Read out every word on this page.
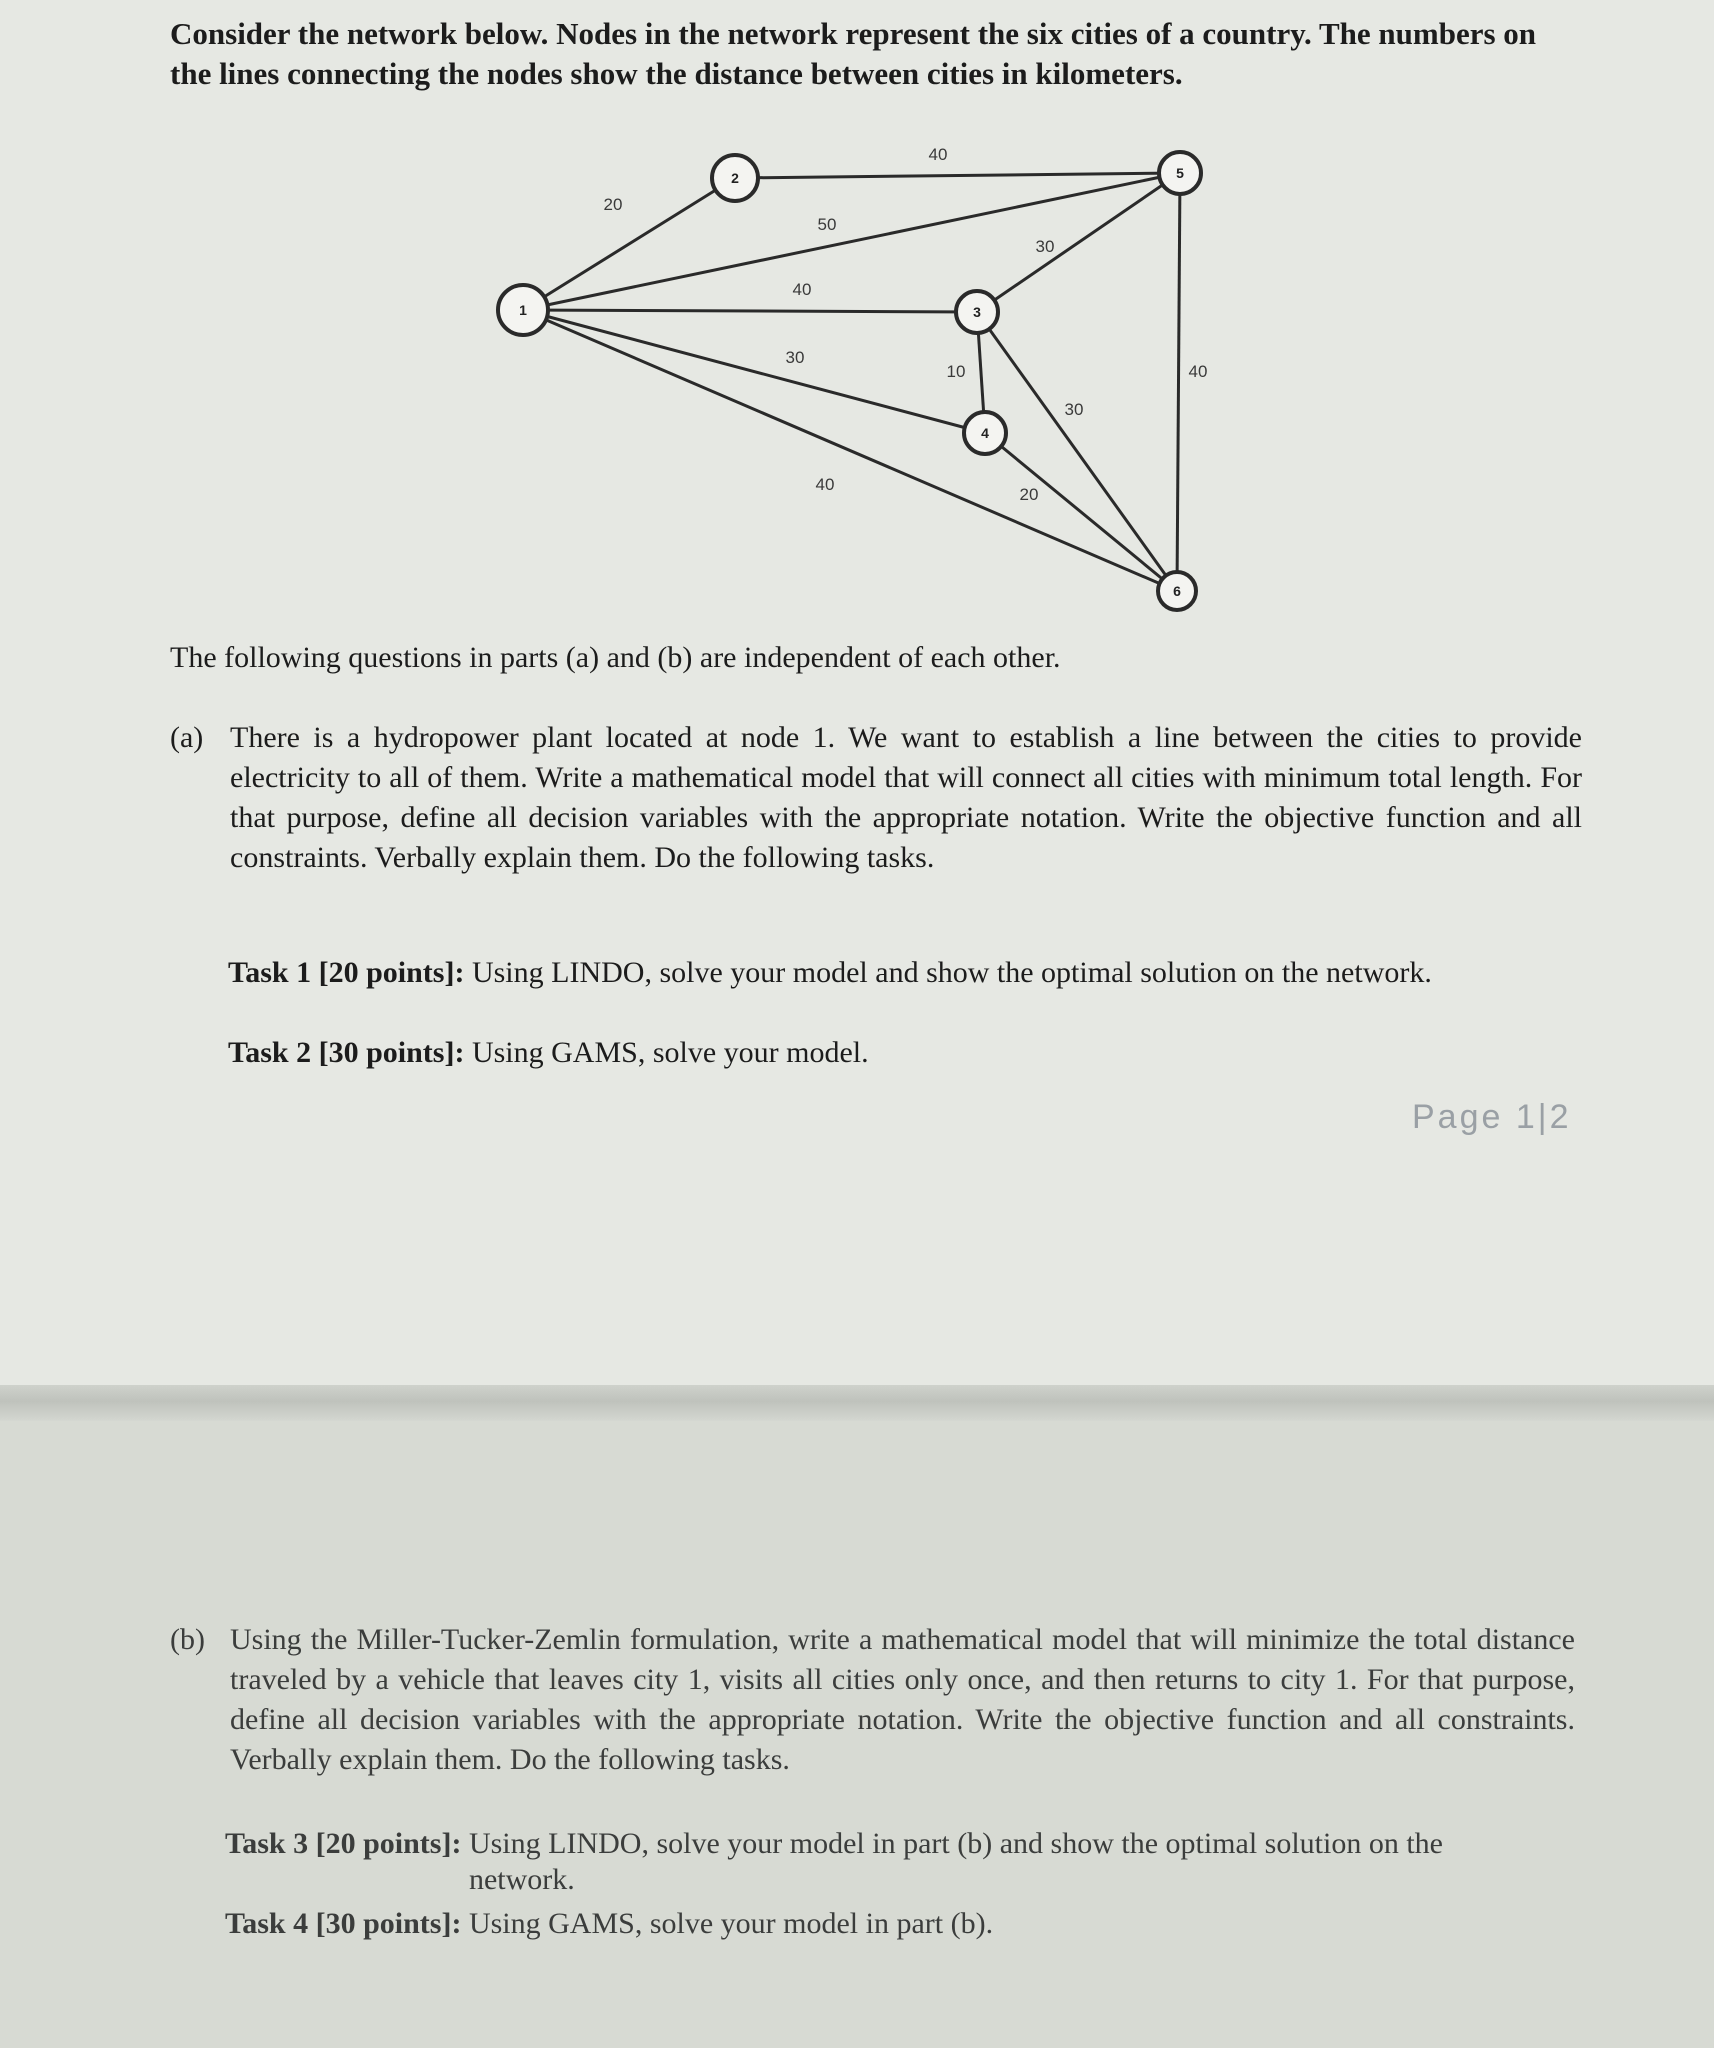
Consider the network below. Nodes in the network represent the six cities of a country. The numbers on the lines connecting the nodes show the distance between cities in kilometers.

20
40
50
40
30
40
30
10
30
20
40
1
2
3
4
5
6

The following questions in parts (a) and (b) are independent of each other.

(a) There is a hydropower plant located at node 1. We want to establish a line between the cities to provide electricity to all of them. Write a mathematical model that will connect all cities with minimum total length. For that purpose, define all decision variables with the appropriate notation. Write the objective function and all constraints. Verbally explain them. Do the following tasks.
Task 1 [20 points]: Using LINDO, solve your model and show the optimal solution on the network.
Task 2 [30 points]: Using GAMS, solve your model.
Page 1|2
(b) Using the Miller-Tucker-Zemlin formulation, write a mathematical model that will minimize the total distance traveled by a vehicle that leaves city 1, visits all cities only once, and then returns to city 1. For that purpose, define all decision variables with the appropriate notation. Write the objective function and all constraints. Verbally explain them. Do the following tasks.
Task 3 [20 points]: Using LINDO, solve your model in part (b) and show the optimal solution on the network.
Task 4 [30 points]: Using GAMS, solve your model in part (b).
